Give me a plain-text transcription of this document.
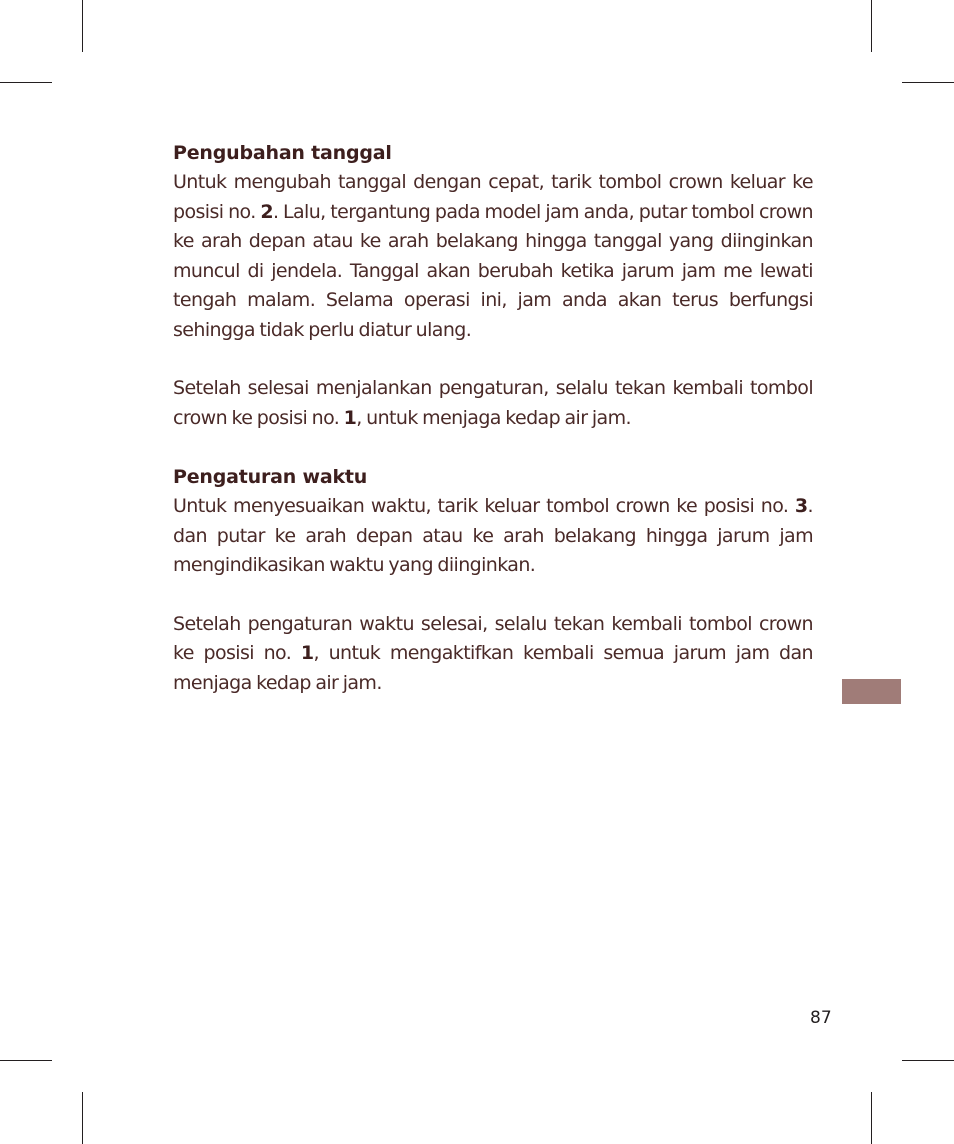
Pengubahan tanggal

Untuk mengubah tanggal dengan cepat, tarik tombol crown keluar ke posisi no. 2. Lalu, tergantung pada model jam anda, putar tombol crown ke arah depan atau ke arah belakang hingga tanggal yang diinginkan muncul di jendela. Tanggal akan berubah ketika jarum jam me lewati tengah malam. Selama operasi ini, jam anda akan terus berfungsi sehingga tidak perlu diatur ulang.

Setelah selesai menjalankan pengaturan, selalu tekan kembali tombol crown ke posisi no. 1, untuk menjaga kedap air jam.

Pengaturan waktu

Untuk menyesuaikan waktu, tarik keluar tombol crown ke posisi no. 3. dan putar ke arah depan atau ke arah belakang hingga jarum jam mengindikasikan waktu yang diinginkan.

Setelah pengaturan waktu selesai, selalu tekan kembali tombol crown ke posisi no. 1, untuk mengaktifkan kembali semua jarum jam dan menjaga kedap air jam.

87
